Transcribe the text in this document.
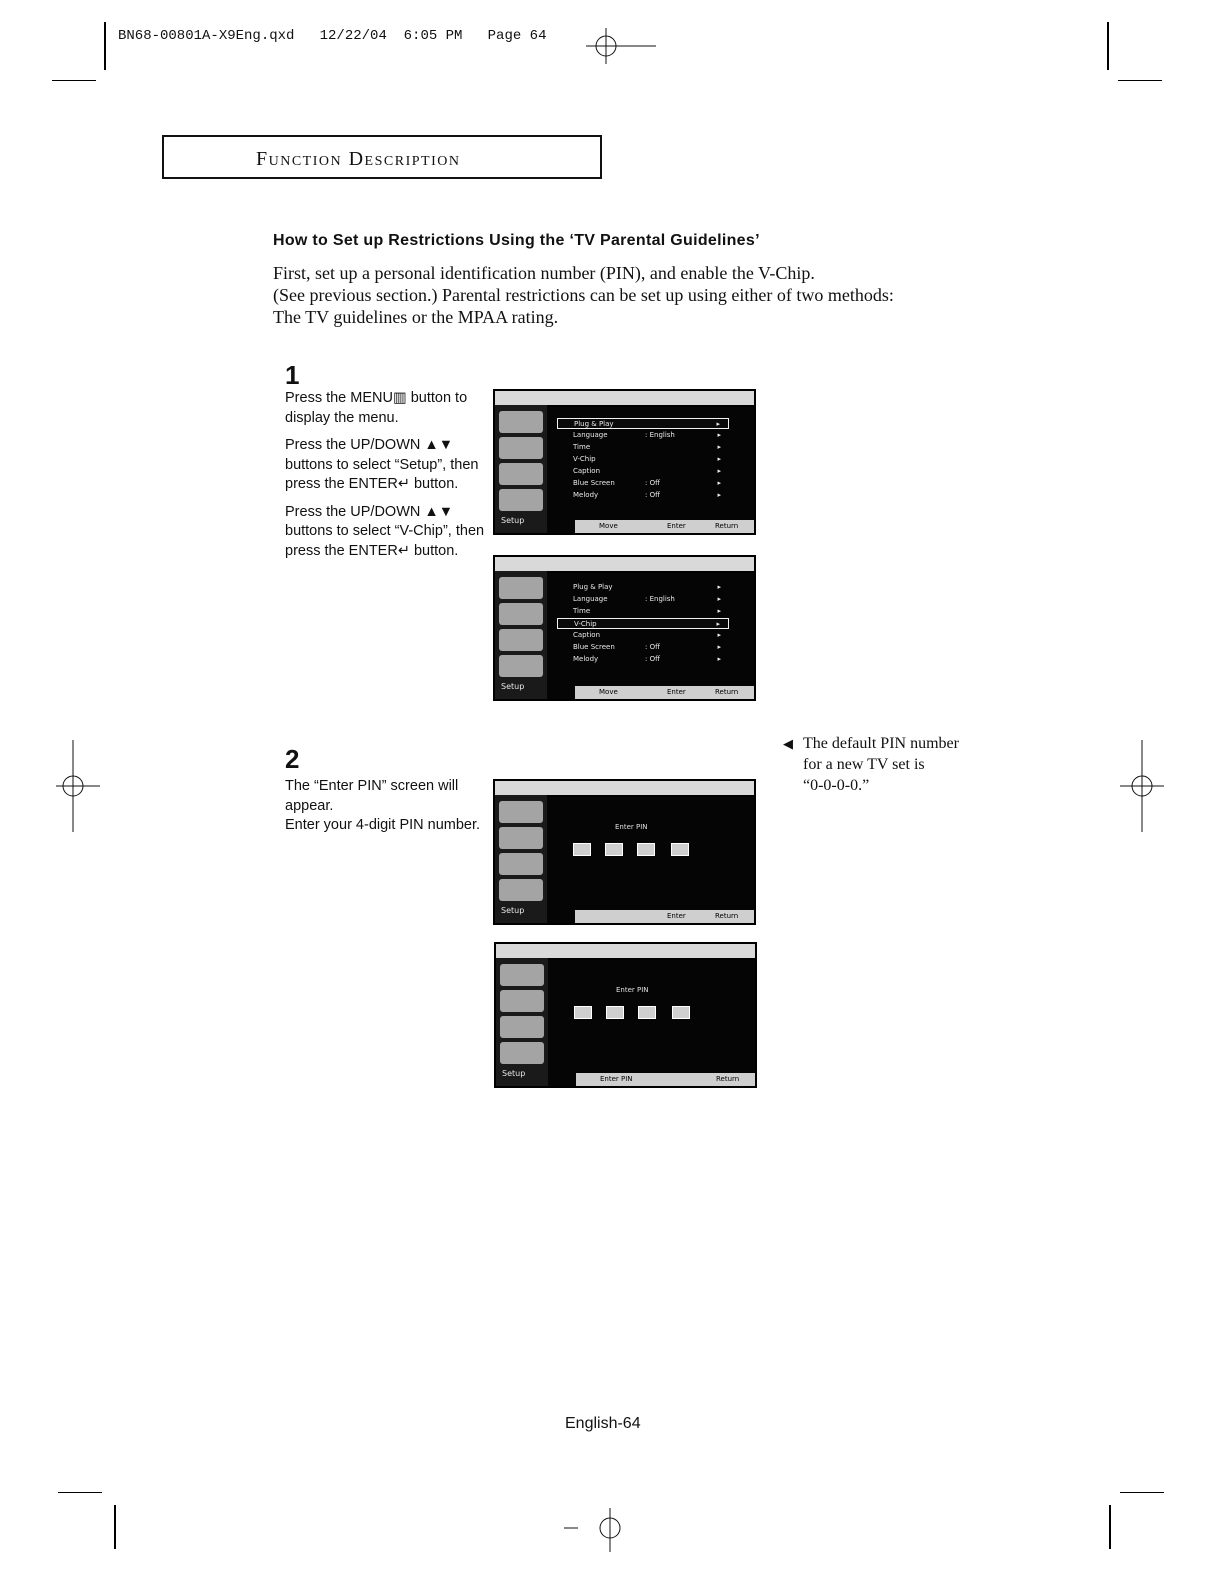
BN68-00801A-X9Eng.qxd   12/22/04  6:05 PM   Page 64
Function Description
How to Set up Restrictions Using the ‘TV Parental Guidelines’
First, set up a personal identification number (PIN), and enable the V-Chip.
(See previous section.) Parental restrictions can be set up using either of two methods:
The TV guidelines or the MPAA rating.
1

Press the MENU▥ button to display the menu.

Press the UP/DOWN ▲▼ buttons to select “Setup”, then press the ENTER↵ button.

Press the UP/DOWN ▲▼ buttons to select “V-Chip”, then press the ENTER↵ button.

2

The “Enter PIN” screen will appear.

Enter your 4-digit PIN number.

Setup
Plug & Play	▸
Language	: English	▸
Time	▸
V-Chip	▸
Caption	▸
Blue Screen	: Off	▸
Melody	: Off	▸
Move	Enter	Return
Setup
Plug & Play	▸
Language	: English	▸
Time	▸
V-Chip	▸
Caption	▸
Blue Screen	: Off	▸
Melody	: Off	▸
Move	Enter	Return
Setup
Enter PIN
Enter	Return
Setup
Enter PIN
Enter PIN	Return
◀ The default PIN number
for a new TV set is
“0-0-0-0.”
English-64
